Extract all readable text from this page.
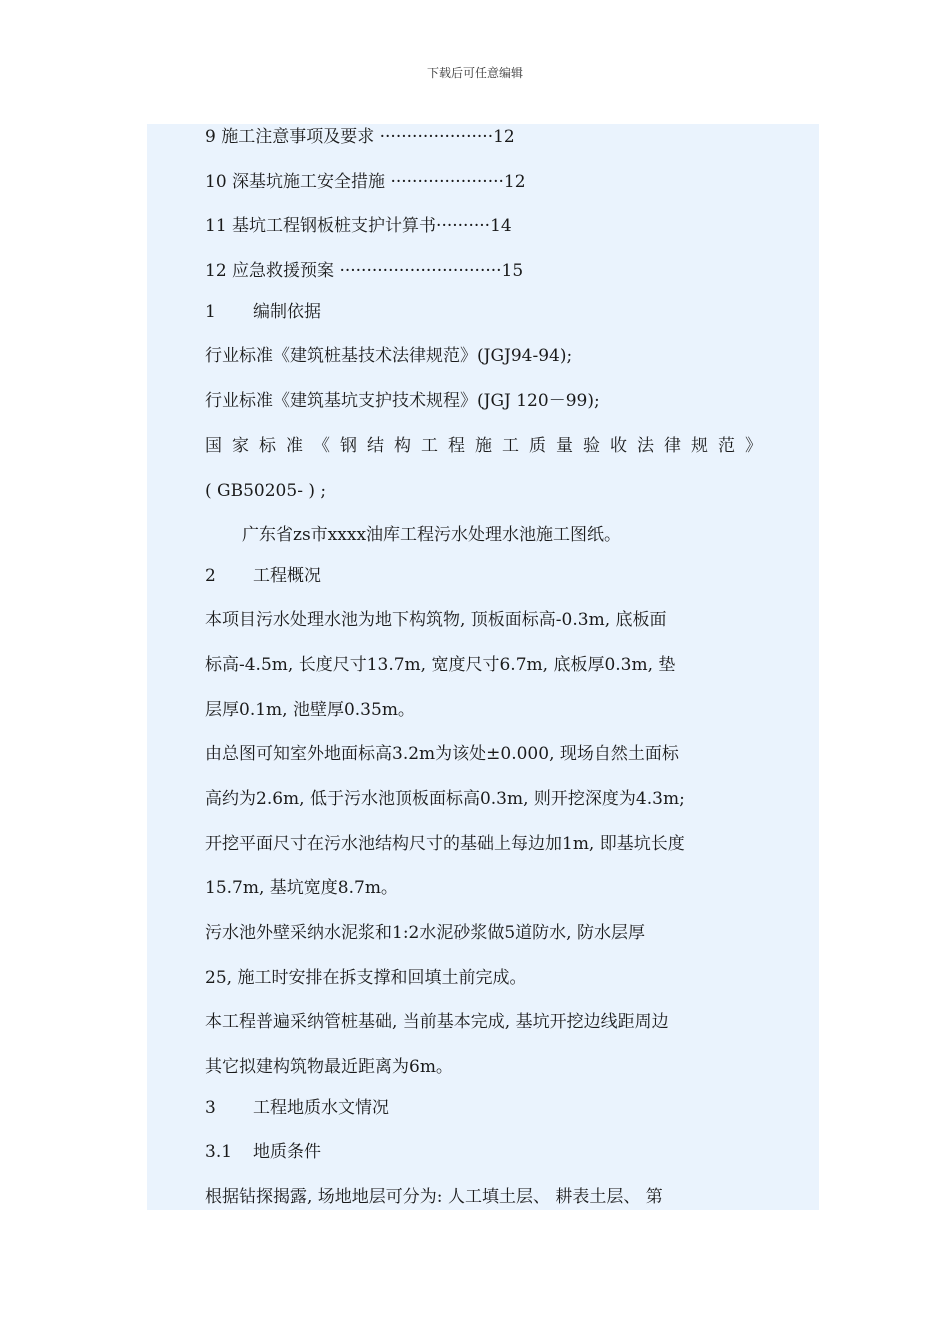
下载后可任意编辑
9 施工注意事项及要求 ·····················12
10 深基坑施工安全措施 ·····················12
11 基坑工程钢板桩支护计算书··········14
12 应急救援预案 ······························15
1 编制依据
行业标准《建筑桩基技术法律规范》(JGJ94-94);
行业标准《建筑基坑支护技术规程》(JGJ 120－99);
国家标准《钢结构工程施工质量验收法律规范》
( GB50205- ) ;
广东省zs市xxxx油库工程污水处理水池施工图纸。
2 工程概况
本项目污水处理水池为地下构筑物, 顶板面标高-0.3m, 底板面
标高-4.5m, 长度尺寸13.7m, 宽度尺寸6.7m, 底板厚0.3m, 垫
层厚0.1m, 池壁厚0.35m。
由总图可知室外地面标高3.2m为该处±0.000, 现场自然土面标
高约为2.6m, 低于污水池顶板面标高0.3m, 则开挖深度为4.3m;
开挖平面尺寸在污水池结构尺寸的基础上每边加1m, 即基坑长度
15.7m, 基坑宽度8.7m。
污水池外壁采纳水泥浆和1:2水泥砂浆做5道防水, 防水层厚
25, 施工时安排在拆支撑和回填土前完成。
本工程普遍采纳管桩基础, 当前基本完成, 基坑开挖边线距周边
其它拟建构筑物最近距离为6m。
3 工程地质水文情况
3.1 地质条件
根据钻探揭露, 场地地层可分为: 人工填土层、 耕表土层、 第
